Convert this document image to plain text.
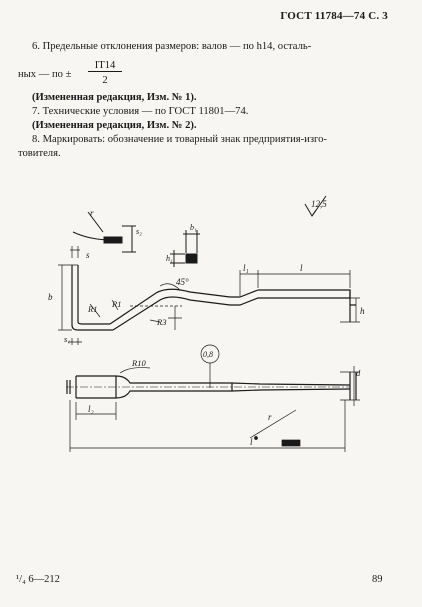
ГОСТ 11784—74 С. 3
6. Предельные отклонения размеров: валов — по h14, осталь-
ных — по ±
$\frac{IT14}{2}$
(Измененная редакция, Изм. № 1).
7. Технические условия — по ГОСТ 11801—74.
(Измененная редакция, Изм. № 2).
8. Маркировать: обозначение и товарный знак предприятия-изго-
товителя.
12,5
r
s₂	b₁
h₁
b
s
45°
l₁	l
h
R1 R1
R3
s₁
0,8
R10
l₂
l
d
r
¹/₄ 6—212	89
